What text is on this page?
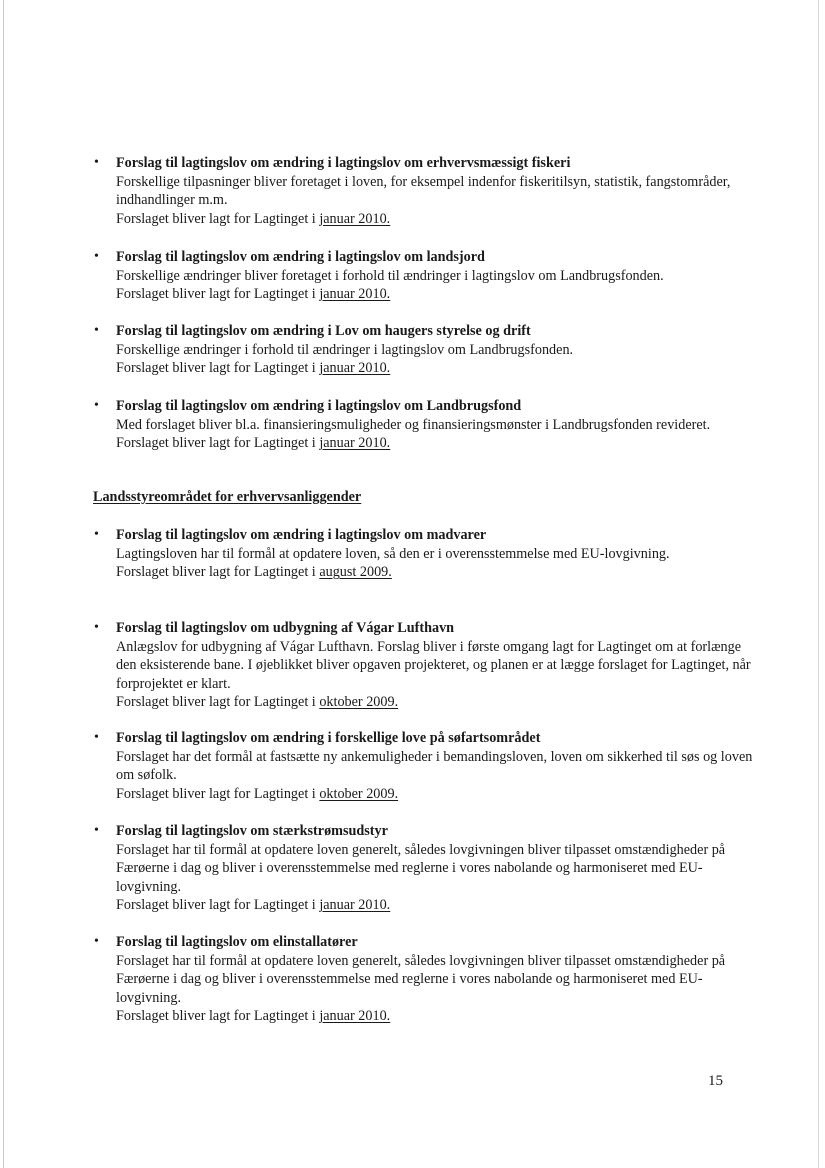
• Forslag til lagtingslov om ændring i lagtingslov om erhvervsmæssigt fiskeri
Forskellige tilpasninger bliver foretaget i loven, for eksempel indenfor fiskeritilsyn, statistik, fangstområder, indhandlinger m.m.
Forslaget bliver lagt for Lagtinget i januar 2010.
• Forslag til lagtingslov om ændring i lagtingslov om landsjord
Forskellige ændringer bliver foretaget i forhold til ændringer i lagtingslov om Landbrugsfonden.
Forslaget bliver lagt for Lagtinget i januar 2010.
• Forslag til lagtingslov om ændring i Lov om haugers styrelse og drift
Forskellige ændringer i forhold til ændringer i lagtingslov om Landbrugsfonden.
Forslaget bliver lagt for Lagtinget i januar 2010.
• Forslag til lagtingslov om ændring i lagtingslov om Landbrugsfond
Med forslaget bliver bl.a. finansieringsmuligheder og finansieringsmønster i Landbrugsfonden revideret.
Forslaget bliver lagt for Lagtinget i januar 2010.
Landsstyreområdet for erhvervsanliggender
• Forslag til lagtingslov om ændring i lagtingslov om madvarer
Lagtingsloven har til formål at opdatere loven, så den er i overensstemmelse med EU-lovgivning.
Forslaget bliver lagt for Lagtinget i august 2009.
• Forslag til lagtingslov om udbygning af Vágar Lufthavn
Anlægslov for udbygning af Vágar Lufthavn. Forslag bliver i første omgang lagt for Lagtinget om at forlænge den eksisterende bane. I øjeblikket bliver opgaven projekteret, og planen er at lægge forslaget for Lagtinget, når forprojektet er klart.
Forslaget bliver lagt for Lagtinget i oktober 2009.
• Forslag til lagtingslov om ændring i forskellige love på søfartsområdet
Forslaget har det formål at fastsætte ny ankemuligheder i bemandingsloven, loven om sikkerhed til søs og loven om søfolk.
Forslaget bliver lagt for Lagtinget i oktober 2009.
• Forslag til lagtingslov om stærkstrømsudstyr
Forslaget har til formål at opdatere loven generelt, således lovgivningen bliver tilpasset omstændigheder på Færøerne i dag og bliver i overensstemmelse med reglerne i vores nabolande og harmoniseret med EU-lovgivning.
Forslaget bliver lagt for Lagtinget i januar 2010.
• Forslag til lagtingslov om elinstallatører
Forslaget har til formål at opdatere loven generelt, således lovgivningen bliver tilpasset omstændigheder på Færøerne i dag og bliver i overensstemmelse med reglerne i vores nabolande og harmoniseret med EU-lovgivning.
Forslaget bliver lagt for Lagtinget i januar 2010.
15
